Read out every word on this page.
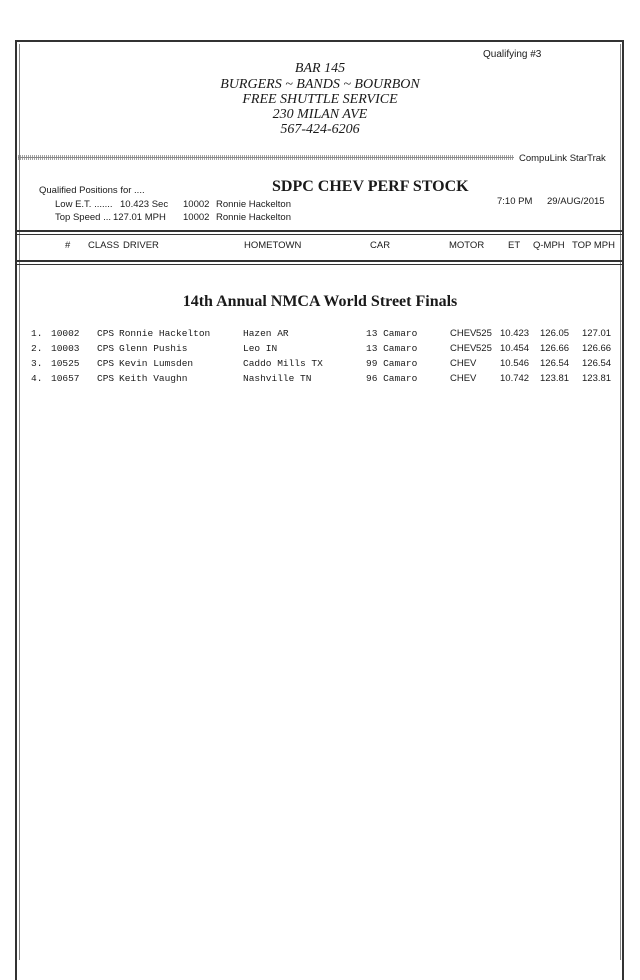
Qualifying #3
BAR 145
BURGERS ~ BANDS ~ BOURBON
FREE SHUTTLE SERVICE
230 MILAN AVE
567-424-6206
CompuLink StarTrak
Qualified Positions for ....	SDPC CHEV PERF STOCK
7:10 PM 29/AUG/2015
Low E.T. ....... 10.423 Sec 10002 Ronnie Hackelton
Top Speed ... 127.01 MPH 10002 Ronnie Hackelton
# CLASS DRIVER	HOMETOWN	CAR	MOTOR	ET Q-MPH TOP MPH
14th Annual NMCA World Street Finals
1. 10002 CPS Ronnie Hackelton	Hazen AR	13 Camaro	CHEV 525 10.423 126.05 127.01
2. 10003 CPS Glenn Pushis	Leo IN	13 Camaro	CHEV 525 10.454 126.66 126.66
3. 10525 CPS Kevin Lumsden	Caddo Mills TX	99 Camaro	CHEV 10.546 126.54 126.54
4. 10657 CPS Keith Vaughn	Nashville TN	96 Camaro	CHEV 10.742 123.81 123.81
